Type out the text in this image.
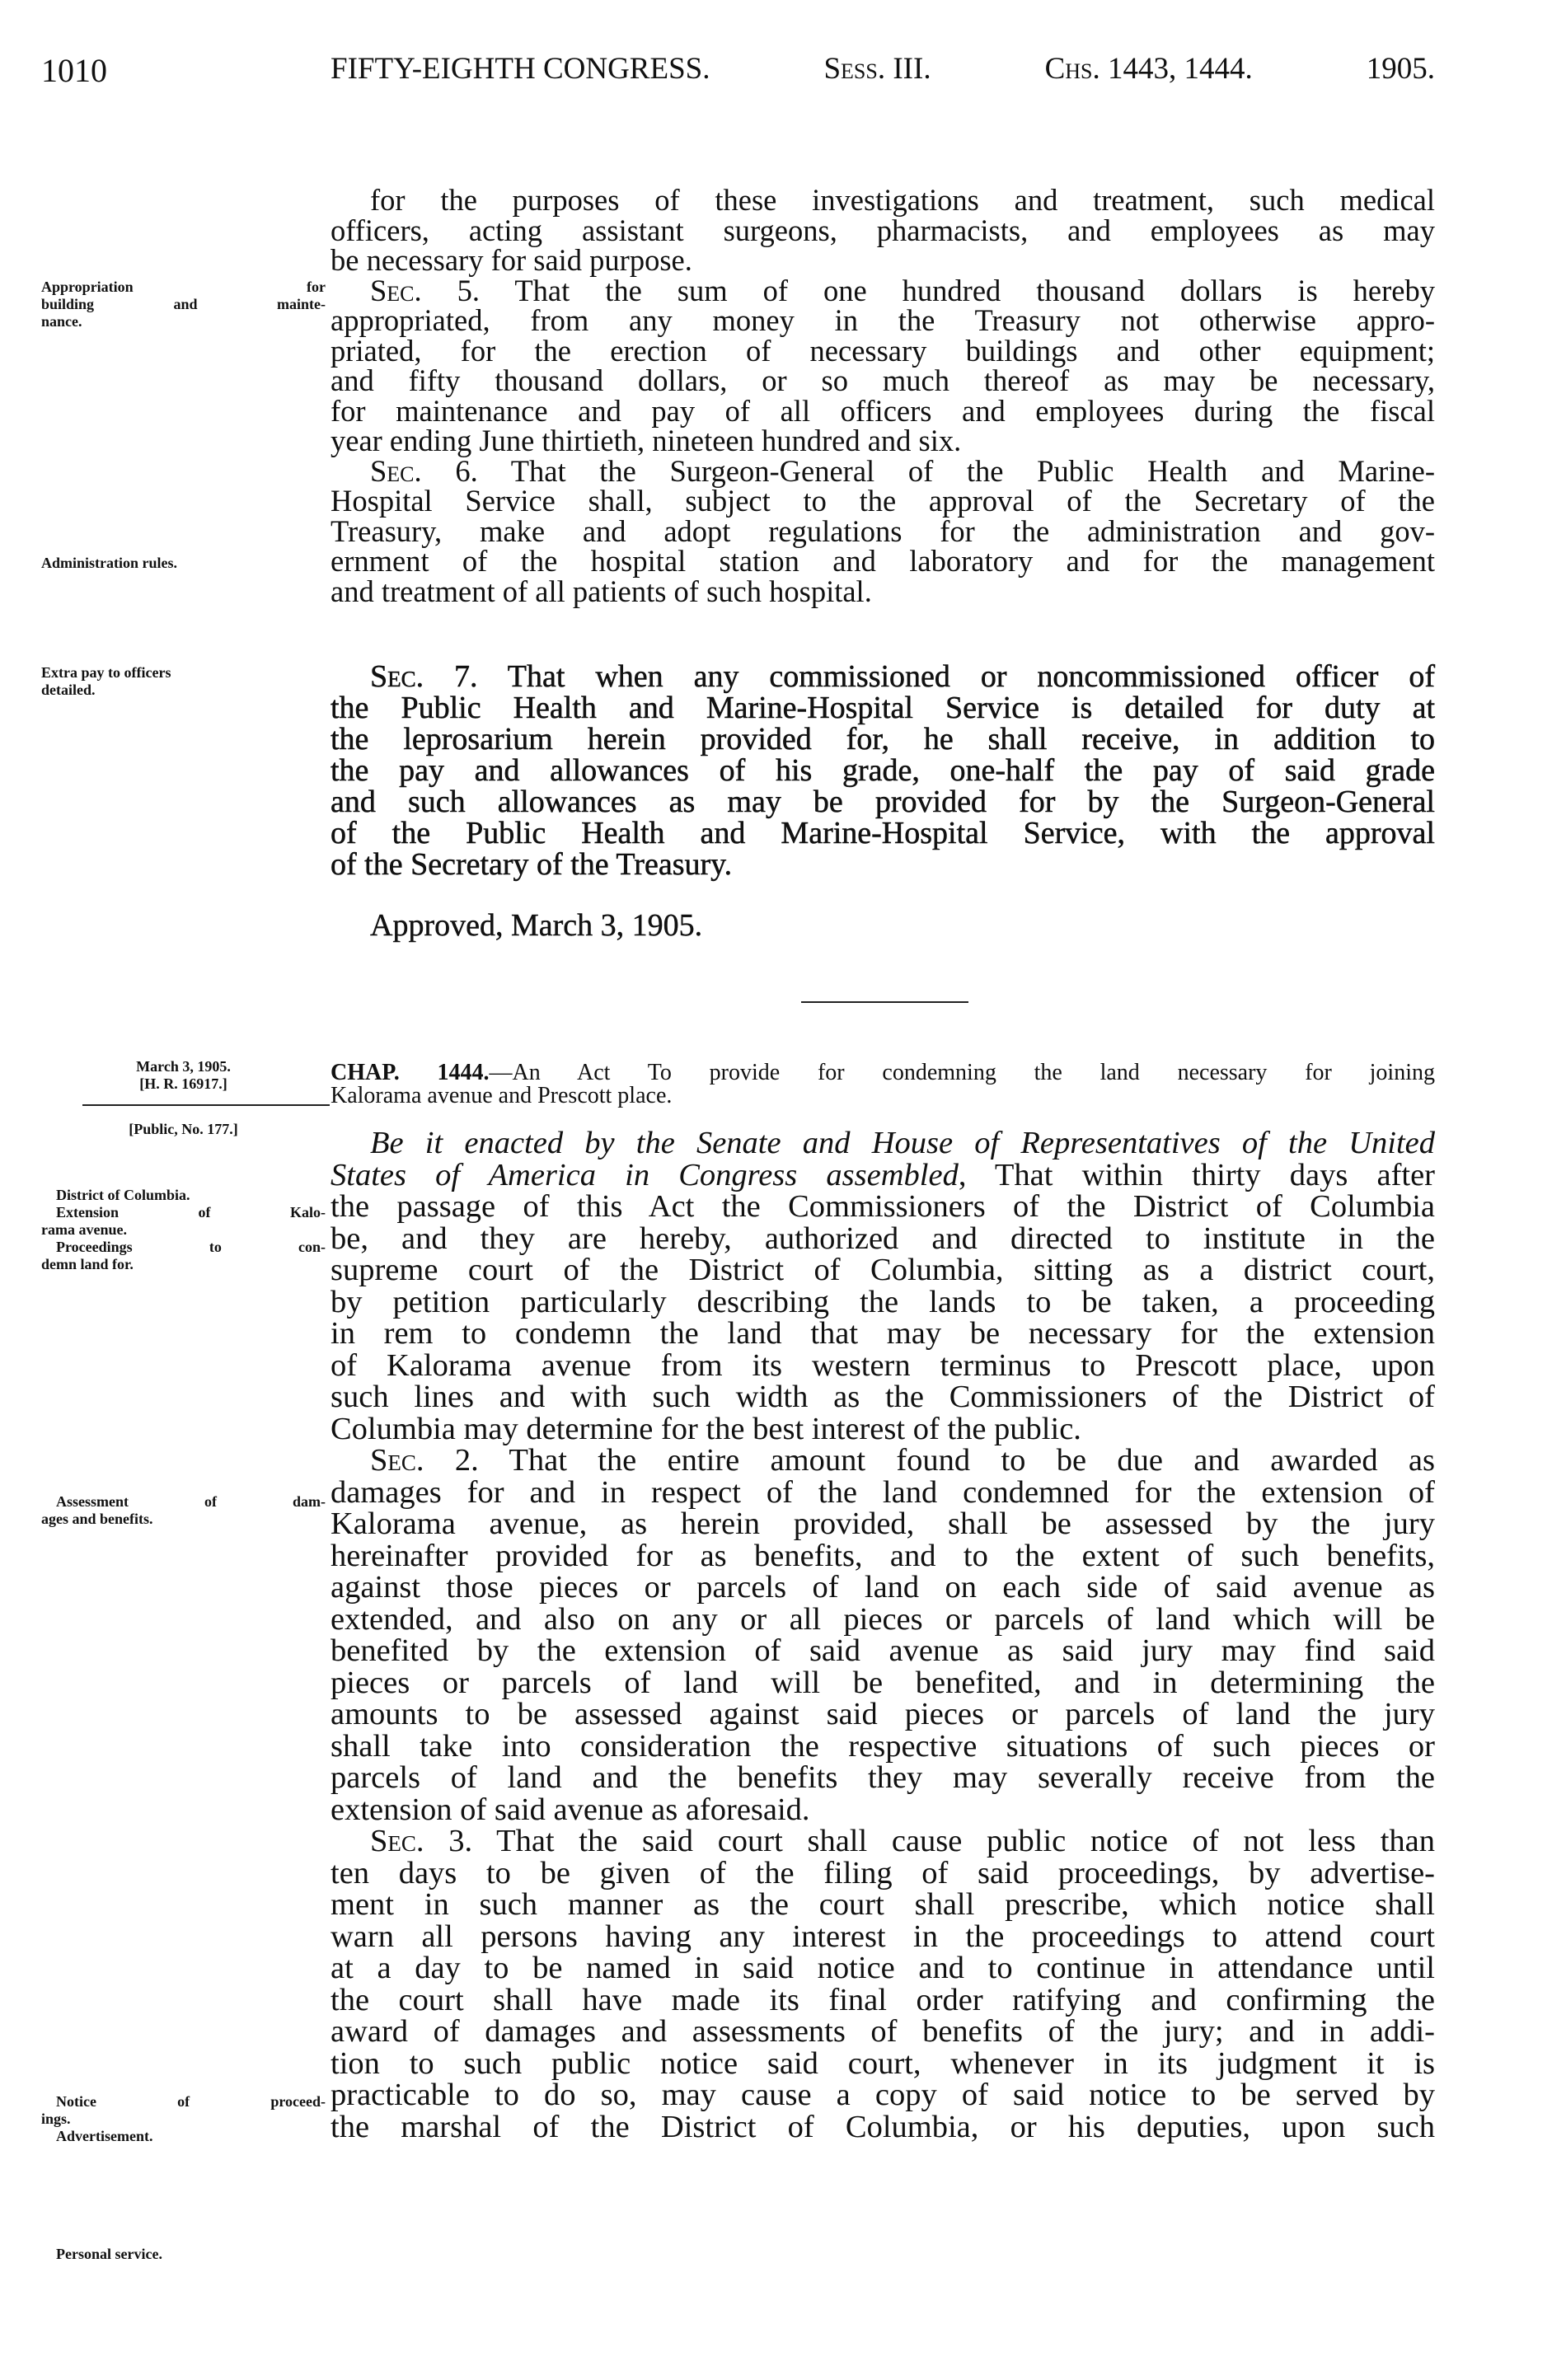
1010	FIFTY-EIGHTH CONGRESS.	Sess. III.	Chs. 1443, 1444.	1905.
for the purposes of these investigations and treatment, such medical
officers, acting assistant surgeons, pharmacists, and employees as may
be necessary for said purpose.
Sec. 5. That the sum of one hundred thousand dollars is hereby
appropriated, from any money in the Treasury not otherwise appro-
priated, for the erection of necessary buildings and other equipment;
and fifty thousand dollars, or so much thereof as may be necessary,
for maintenance and pay of all officers and employees during the fiscal
year ending June thirtieth, nineteen hundred and six.
Sec. 6. That the Surgeon-General of the Public Health and Marine-
Hospital Service shall, subject to the approval of the Secretary of the
Treasury, make and adopt regulations for the administration and gov-
ernment of the hospital station and laboratory and for the management
and treatment of all patients of such hospital.
Sec. 7. That when any commissioned or noncommissioned officer of
the Public Health and Marine-Hospital Service is detailed for duty at
the leprosarium herein provided for, he shall receive, in addition to
the pay and allowances of his grade, one-half the pay of said grade
and such allowances as may be provided for by the Surgeon-General
of the Public Health and Marine-Hospital Service, with the approval
of the Secretary of the Treasury.
Approved, March 3, 1905.
CHAP. 1444.—An Act To provide for condemning the land necessary for joining
Kalorama avenue and Prescott place.
Be it enacted by the Senate and House of Representatives of the United
States of America in Congress assembled, That within thirty days after
the passage of this Act the Commissioners of the District of Columbia
be, and they are hereby, authorized and directed to institute in the
supreme court of the District of Columbia, sitting as a district court,
by petition particularly describing the lands to be taken, a proceeding
in rem to condemn the land that may be necessary for the extension
of Kalorama avenue from its western terminus to Prescott place, upon
such lines and with such width as the Commissioners of the District of
Columbia may determine for the best interest of the public.
Sec. 2. That the entire amount found to be due and awarded as
damages for and in respect of the land condemned for the extension of
Kalorama avenue, as herein provided, shall be assessed by the jury
hereinafter provided for as benefits, and to the extent of such benefits,
against those pieces or parcels of land on each side of said avenue as
extended, and also on any or all pieces or parcels of land which will be
benefited by the extension of said avenue as said jury may find said
pieces or parcels of land will be benefited, and in determining the
amounts to be assessed against said pieces or parcels of land the jury
shall take into consideration the respective situations of such pieces or
parcels of land and the benefits they may severally receive from the
extension of said avenue as aforesaid.
Sec. 3. That the said court shall cause public notice of not less than
ten days to be given of the filing of said proceedings, by advertise-
ment in such manner as the court shall prescribe, which notice shall
warn all persons having any interest in the proceedings to attend court
at a day to be named in said notice and to continue in attendance until
the court shall have made its final order ratifying and confirming the
award of damages and assessments of benefits of the jury; and in addi-
tion to such public notice said court, whenever in its judgment it is
practicable to do so, may cause a copy of said notice to be served by
the marshal of the District of Columbia, or his deputies, upon such
Appropriation for
building and mainte-
nance.
Administration rules.
Extra pay to officers
detailed.
March 3, 1905.
[H. R. 16917.]
[Public, No. 177.]
District of Columbia.
Extension of Kalo-
rama avenue.
Proceedings to con-
demn land for.
Assessment of dam-
ages and benefits.
Notice of proceed-
ings.
Advertisement.
Personal service.
